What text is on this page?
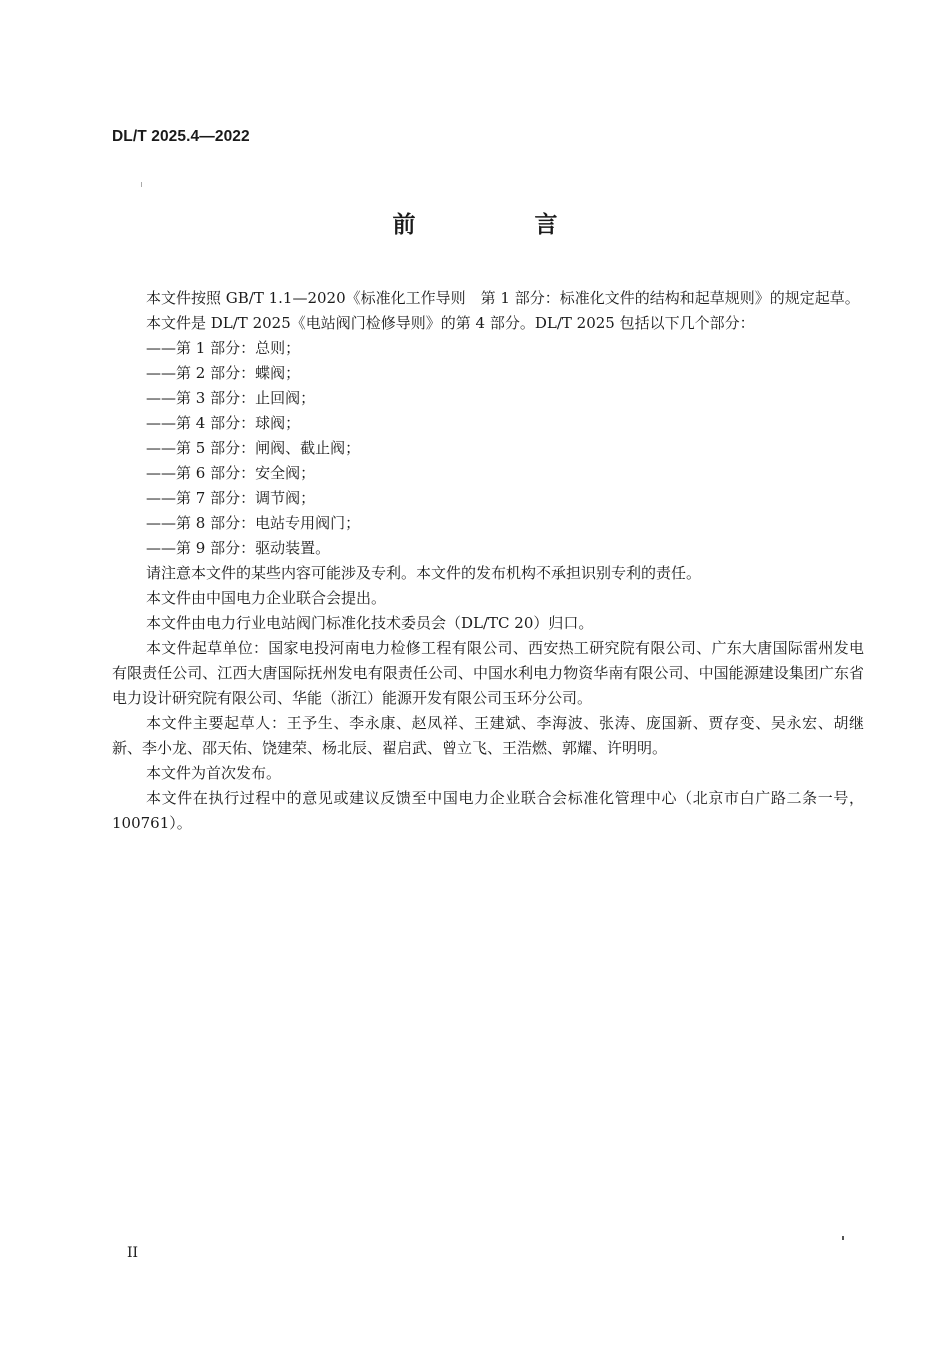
DL/T 2025.4—2022
前　言

本文件按照 GB/T 1.1—2020《标准化工作导则　第 1 部分：标准化文件的结构和起草规则》的规定起草。

本文件是 DL/T 2025《电站阀门检修导则》的第 4 部分。DL/T 2025 包括以下几个部分：

——第 1 部分：总则；

——第 2 部分：蝶阀；

——第 3 部分：止回阀；

——第 4 部分：球阀；

——第 5 部分：闸阀、截止阀；

——第 6 部分：安全阀；

——第 7 部分：调节阀；

——第 8 部分：电站专用阀门；

——第 9 部分：驱动装置。

请注意本文件的某些内容可能涉及专利。本文件的发布机构不承担识别专利的责任。

本文件由中国电力企业联合会提出。

本文件由电力行业电站阀门标准化技术委员会（DL/TC 20）归口。

本文件起草单位：国家电投河南电力检修工程有限公司、西安热工研究院有限公司、广东大唐国际雷州发电有限责任公司、江西大唐国际抚州发电有限责任公司、中国水利电力物资华南有限公司、中国能源建设集团广东省电力设计研究院有限公司、华能（浙江）能源开发有限公司玉环分公司。

本文件主要起草人：王予生、李永康、赵凤祥、王建斌、李海波、张涛、庞国新、贾存变、吴永宏、胡继新、李小龙、邵天佑、饶建荣、杨北辰、翟启武、曾立飞、王浩燃、郭耀、许明明。

本文件为首次发布。

本文件在执行过程中的意见或建议反馈至中国电力企业联合会标准化管理中心（北京市白广路二条一号，100761）。

II
